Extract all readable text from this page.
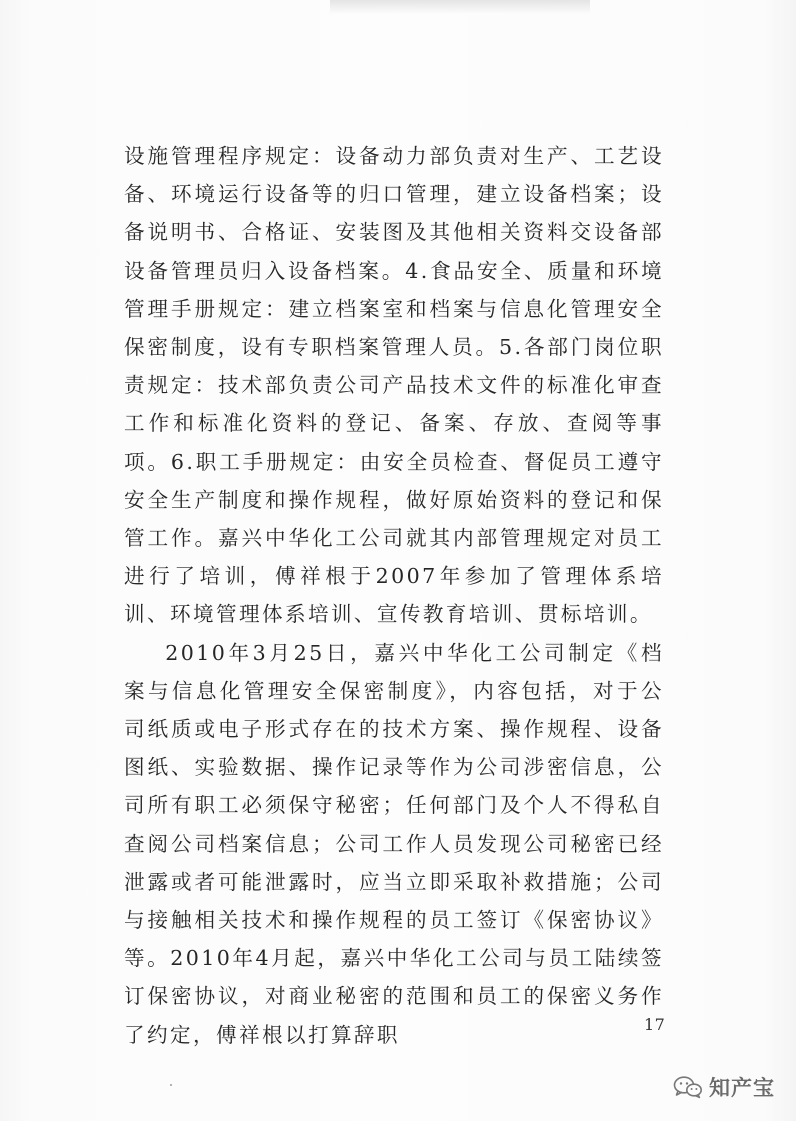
设施管理程序规定：设备动力部负责对生产、工艺设备、环境运行设备等的归口管理，建立设备档案；设备说明书、合格证、安装图及其他相关资料交设备部设备管理员归入设备档案。4.食品安全、质量和环境管理手册规定：建立档案室和档案与信息化管理安全保密制度，设有专职档案管理人员。5.各部门岗位职责规定：技术部负责公司产品技术文件的标准化审查工作和标准化资料的登记、备案、存放、查阅等事项。6.职工手册规定：由安全员检查、督促员工遵守安全生产制度和操作规程，做好原始资料的登记和保管工作。嘉兴中华化工公司就其内部管理规定对员工进行了培训，傅祥根于2007年参加了管理体系培训、环境管理体系培训、宣传教育培训、贯标培训。

2010年3月25日，嘉兴中华化工公司制定《档案与信息化管理安全保密制度》，内容包括，对于公司纸质或电子形式存在的技术方案、操作规程、设备图纸、实验数据、操作记录等作为公司涉密信息，公司所有职工必须保守秘密；任何部门及个人不得私自查阅公司档案信息；公司工作人员发现公司秘密已经泄露或者可能泄露时，应当立即采取补救措施；公司与接触相关技术和操作规程的员工签订《保密协议》等。2010年4月起，嘉兴中华化工公司与员工陆续签订保密协议，对商业秘密的范围和员工的保密义务作了约定，傅祥根以打算辞职	17
知产宝
